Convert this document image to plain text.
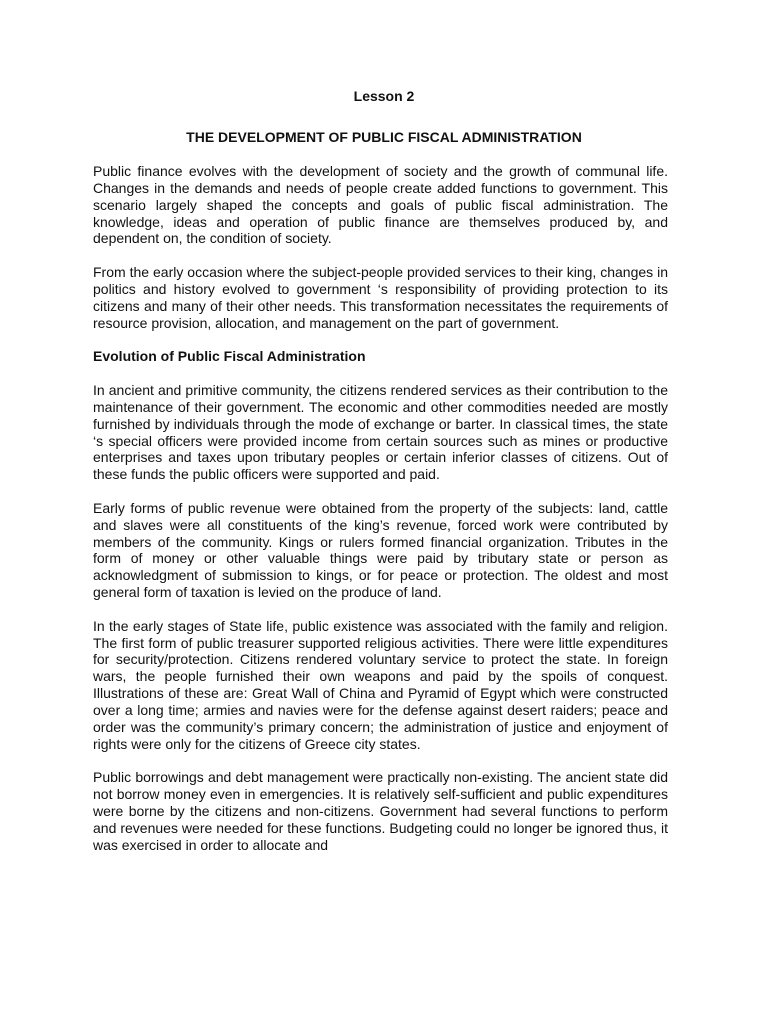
Lesson 2
THE DEVELOPMENT OF PUBLIC FISCAL ADMINISTRATION

Public finance evolves with the development of society and the growth of communal life. Changes in the demands and needs of people create added functions to government. This scenario largely shaped the concepts and goals of public fiscal administration. The knowledge, ideas and operation of public finance are themselves produced by, and dependent on, the condition of society.

From the early occasion where the subject-people provided services to their king, changes in politics and history evolved to government ‘s responsibility of providing protection to its citizens and many of their other needs. This transformation necessitates the requirements of resource provision, allocation, and management on the part of government.

Evolution of Public Fiscal Administration

In ancient and primitive community, the citizens rendered services as their contribution to the maintenance of their government. The economic and other commodities needed are mostly furnished by individuals through the mode of exchange or barter. In classical times, the state ‘s special officers were provided income from certain sources such as mines or productive enterprises and taxes upon tributary peoples or certain inferior classes of citizens. Out of these funds the public officers were supported and paid.

Early forms of public revenue were obtained from the property of the subjects: land, cattle and slaves were all constituents of the king’s revenue, forced work were contributed by members of the community. Kings or rulers formed financial organization. Tributes in the form of money or other valuable things were paid by tributary state or person as acknowledgment of submission to kings, or for peace or protection. The oldest and most general form of taxation is levied on the produce of land.

In the early stages of State life, public existence was associated with the family and religion. The first form of public treasurer supported religious activities. There were little expenditures for security/protection. Citizens rendered voluntary service to protect the state. In foreign wars, the people furnished their own weapons and paid by the spoils of conquest. Illustrations of these are: Great Wall of China and Pyramid of Egypt which were constructed over a long time; armies and navies were for the defense against desert raiders; peace and order was the community’s primary concern; the administration of justice and enjoyment of rights were only for the citizens of Greece city states.

Public borrowings and debt management were practically non-existing. The ancient state did not borrow money even in emergencies. It is relatively self-sufficient and public expenditures were borne by the citizens and non-citizens. Government had several functions to perform and revenues were needed for these functions. Budgeting could no longer be ignored thus, it was exercised in order to allocate and
